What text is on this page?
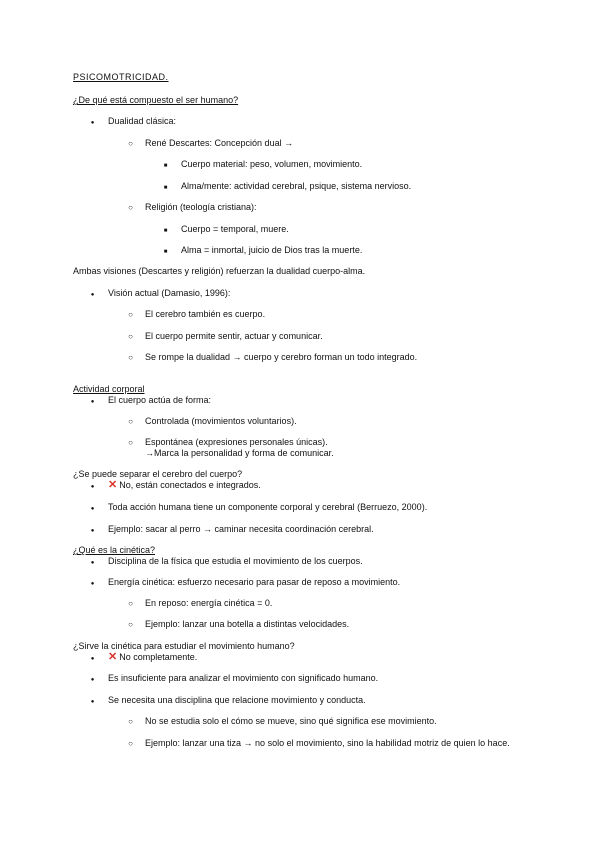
PSICOMOTRICIDAD.
¿De qué está compuesto el ser humano?
●
Dualidad clásica:
○
René Descartes: Concepción dual →
■
Cuerpo material: peso, volumen, movimiento.
■
Alma/mente: actividad cerebral, psique, sistema nervioso.
○
Religión (teología cristiana):
■
Cuerpo = temporal, muere.
■
Alma = inmortal, juicio de Dios tras la muerte.
Ambas visiones (Descartes y religión) refuerzan la dualidad cuerpo-alma.
●
Visión actual (Damasio, 1996):
○
El cerebro también es cuerpo.
○
El cuerpo permite sentir, actuar y comunicar.
○
Se rompe la dualidad → cuerpo y cerebro forman un todo integrado.
Actividad corporal
●
El cuerpo actúa de forma:
○
Controlada (movimientos voluntarios).
○
Espontánea (expresiones personales únicas).
→Marca la personalidad y forma de comunicar.
¿Se puede separar el cerebro del cuerpo?
●
✕ No, están conectados e integrados.
●
Toda acción humana tiene un componente corporal y cerebral (Berruezo, 2000).
●
Ejemplo: sacar al perro → caminar necesita coordinación cerebral.
¿Qué es la cinética?
●
Disciplina de la física que estudia el movimiento de los cuerpos.
●
Energía cinética: esfuerzo necesario para pasar de reposo a movimiento.
○
En reposo: energía cinética = 0.
○
Ejemplo: lanzar una botella a distintas velocidades.
¿Sirve la cinética para estudiar el movimiento humano?
●
✕ No completamente.
●
Es insuficiente para analizar el movimiento con significado humano.
●
Se necesita una disciplina que relacione movimiento y conducta.
○
No se estudia solo el cómo se mueve, sino qué significa ese movimiento.
○
Ejemplo: lanzar una tiza → no solo el movimiento, sino la habilidad motriz de quien lo hace.
